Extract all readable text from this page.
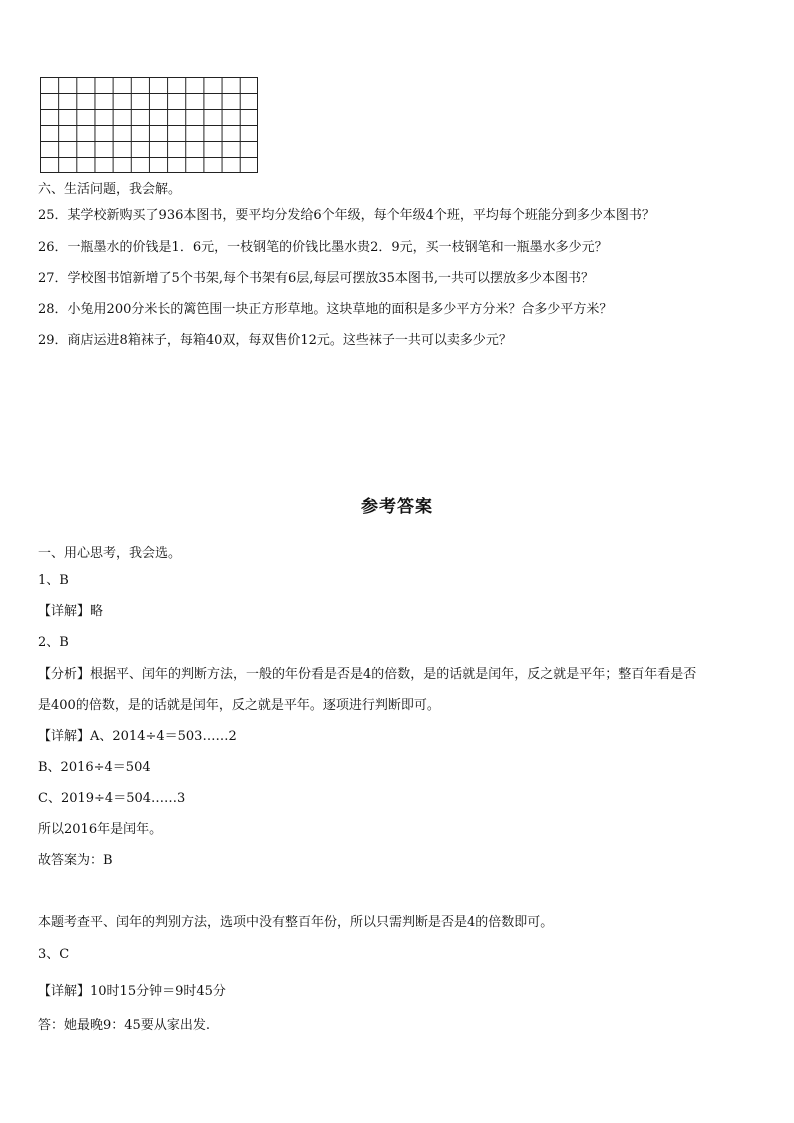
六、生活问题，我会解。
25．某学校新购买了936本图书，要平均分发给6个年级，每个年级4个班，平均每个班能分到多少本图书？
26．一瓶墨水的价钱是1．6元，一枝钢笔的价钱比墨水贵2．9元，买一枝钢笔和一瓶墨水多少元？
27．学校图书馆新增了5个书架,每个书架有6层,每层可摆放35本图书,一共可以摆放多少本图书？
28．小兔用200分米长的篱笆围一块正方形草地。这块草地的面积是多少平方分米？合多少平方米？
29．商店运进8箱袜子，每箱40双，每双售价12元。这些袜子一共可以卖多少元？
参考答案
一、用心思考，我会选。
1、B
【详解】略
2、B
【分析】根据平、闰年的判断方法，一般的年份看是否是4的倍数，是的话就是闰年，反之就是平年；整百年看是否
是400的倍数，是的话就是闰年，反之就是平年。逐项进行判断即可。
【详解】A、2014÷4＝503……2
B、2016÷4＝504
C、2019÷4＝504……3
所以2016年是闰年。
故答案为：B
本题考查平、闰年的判别方法，选项中没有整百年份，所以只需判断是否是4的倍数即可。
3、C
【详解】10时15分钟＝9时45分
答：她最晚9：45要从家出发.
